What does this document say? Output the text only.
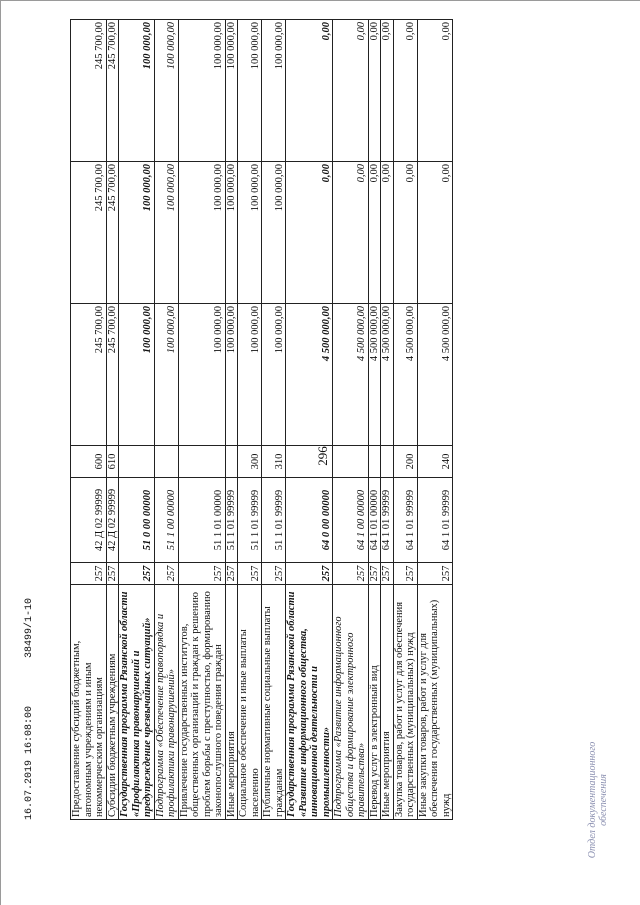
296
Предоставление субсидий бюджетным, автономным учреждениям и иным некоммерческим организациям	257	42 Д 02 99999	600	245 700,00	245 700,00	245 700,00
Субсидии бюджетным учреждениям	257	42 Д 02 99999	610	245 700,00	245 700,00	245 700,00
Государственная программа Рязанской области «Профилактика правонарушений и предупреждение чрезвычайных ситуаций»	257	51 0 00 00000		100 000,00	100 000,00	100 000,00
Подпрограмма «Обеспечение правопорядка и профилактики правонарушений»	257	51 1 00 00000		100 000,00	100 000,00	100 000,00
Привлечение государственных институтов, общественных организаций и граждан к решению проблем борьбы с преступностью, формированию законопослушного поведения граждан	257	51 1 01 00000		100 000,00	100 000,00	100 000,00
Иные мероприятия	257	51 1 01 99999		100 000,00	100 000,00	100 000,00
Социальное обеспечение и иные выплаты населению	257	51 1 01 99999	300	100 000,00	100 000,00	100 000,00
Публичные нормативные социальные выплаты гражданам	257	51 1 01 99999	310	100 000,00	100 000,00	100 000,00
Государственная программа Рязанской области «Развитие информационного общества, инновационной деятельности и промышленности»	257	64 0 00 00000		4 500 000,00	0,00	0,00
Подпрограмма «Развитие информационного общества и формирование электронного правительства»	257	64 1 00 00000		4 500 000,00	0,00	0,00
Перевод услуг в электронный вид	257	64 1 01 00000		4 500 000,00	0,00	0,00
Иные мероприятия	257	64 1 01 99999		4 500 000,00	0,00	0,00
Закупка товаров, работ и услуг для обеспечения государственных (муниципальных) нужд	257	64 1 01 99999	200	4 500 000,00	0,00	0,00
Иные закупки товаров, работ и услуг для обеспечения государственных (муниципальных) нужд	257	64 1 01 99999	240	4 500 000,00	0,00	0,00
16.07.2019 16:08:00        38499/1-10
Отдел документационного обеспечения
